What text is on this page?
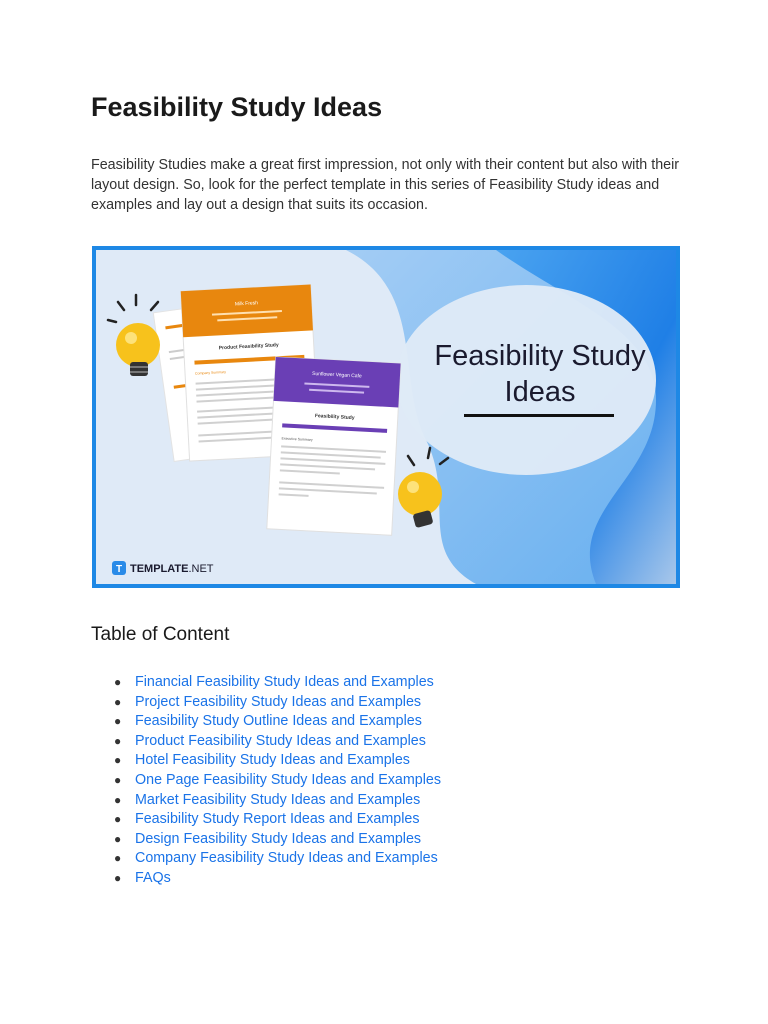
Feasibility Study Ideas

Feasibility Studies make a great first impression, not only with their content but also with their layout design. So, look for the perfect template in this series of Feasibility Study ideas and examples and lay out a design that suits its occasion.

Milk Fresh
Product Feasibility Study
Company Summary	Sunflower Vegan Cafe
Feasibility Study
Executive Summary
Feasibility Study
Ideas
T TEMPLATE.NET
Table of Content
● Financial Feasibility Study Ideas and Examples
● Project Feasibility Study Ideas and Examples
● Feasibility Study Outline Ideas and Examples
● Product Feasibility Study Ideas and Examples
● Hotel Feasibility Study Ideas and Examples
● One Page Feasibility Study Ideas and Examples
● Market Feasibility Study Ideas and Examples
● Feasibility Study Report Ideas and Examples
● Design Feasibility Study Ideas and Examples
● Company Feasibility Study Ideas and Examples
● FAQs
